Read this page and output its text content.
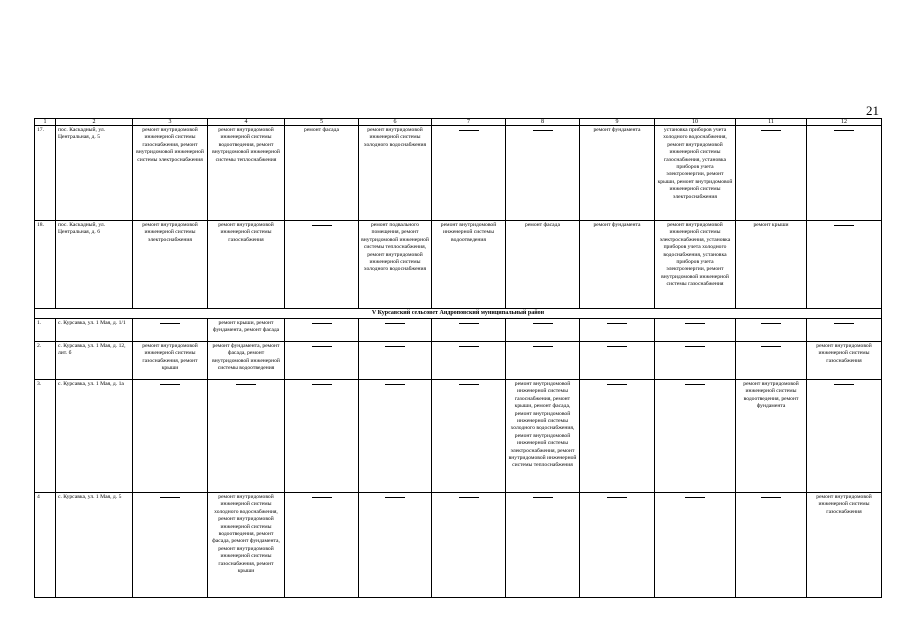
21
1	2	3	4	5	6	7	8	9	10	11	12
17.	пос. Каскадный, ул. Центральная, д. 5	ремонт внутридомовой инженерной системы газоснабжения, ремонт внутридомовой инженерной системы электроснабжения	ремонт внутридомовой инженерной системы водоотведения, ремонт внутридомовой инженерной системы теплоснабжения	ремонт фасада	ремонт внутридомовой инженерной системы холодного водоснабжения			ремонт фундамента	установка приборов учета холодного водоснабжения, ремонт внутридомовой инженерной системы газоснабжения, установка приборов учета электроэнергии, ремонт крыши, ремонт внутридомовой инженерной системы электроснабжения		
18.	пос. Каскадный, ул. Центральная, д. 6	ремонт внутридомовой инженерной системы электроснабжения	ремонт внутридомовой инженерной системы газоснабжения		ремонт подвального помещения, ремонт внутридомовой инженерной системы теплоснабжения, ремонт внутридомовой инженерной системы холодного водоснабжения	ремонт внутридомовой инженерной системы водоотведения	ремонт фасада	ремонт фундамента	ремонт внутридомовой инженерной системы электроснабжения, установка приборов учета холодного водоснабжения, установка приборов учета электроэнергии, ремонт внутридомовой инженерной системы газоснабжения	ремонт крыши	
V Курсавский сельсовет Андроповский муниципальный район											
1.	с. Курсавка, ул. 1 Мая, д. 1/1		ремонт крыши, ремонт фундамента, ремонт фасада								
2.	с. Курсавка, ул. 1 Мая, д. 12, лит. б	ремонт внутридомовой инженерной системы газоснабжения, ремонт крыши	ремонт фундамента, ремонт фасада, ремонт внутридомовой инженерной системы водоотведения								ремонт внутридомовой инженерной системы газоснабжения
3.	с. Курсавка, ул. 1 Мая, д. 1а						ремонт внутридомовой инженерной системы газоснабжения, ремонт крыши, ремонт фасада, ремонт внутридомовой инженерной системы холодного водоснабжения, ремонт внутридомовой инженерной системы электроснабжения, ремонт внутридомовой инженерной системы теплоснабжения			ремонт внутридомовой инженерной системы водоотведения, ремонт фундамента	
4	с. Курсавка, ул. 1 Мая, д. 5		ремонт внутридомовой инженерной системы холодного водоснабжения, ремонт внутридомовой инженерной системы водоотведения, ремонт фасада, ремонт фундамента, ремонт внутридомовой инженерной системы газоснабжения, ремонт крыши								ремонт внутридомовой инженерной системы газоснабжения
